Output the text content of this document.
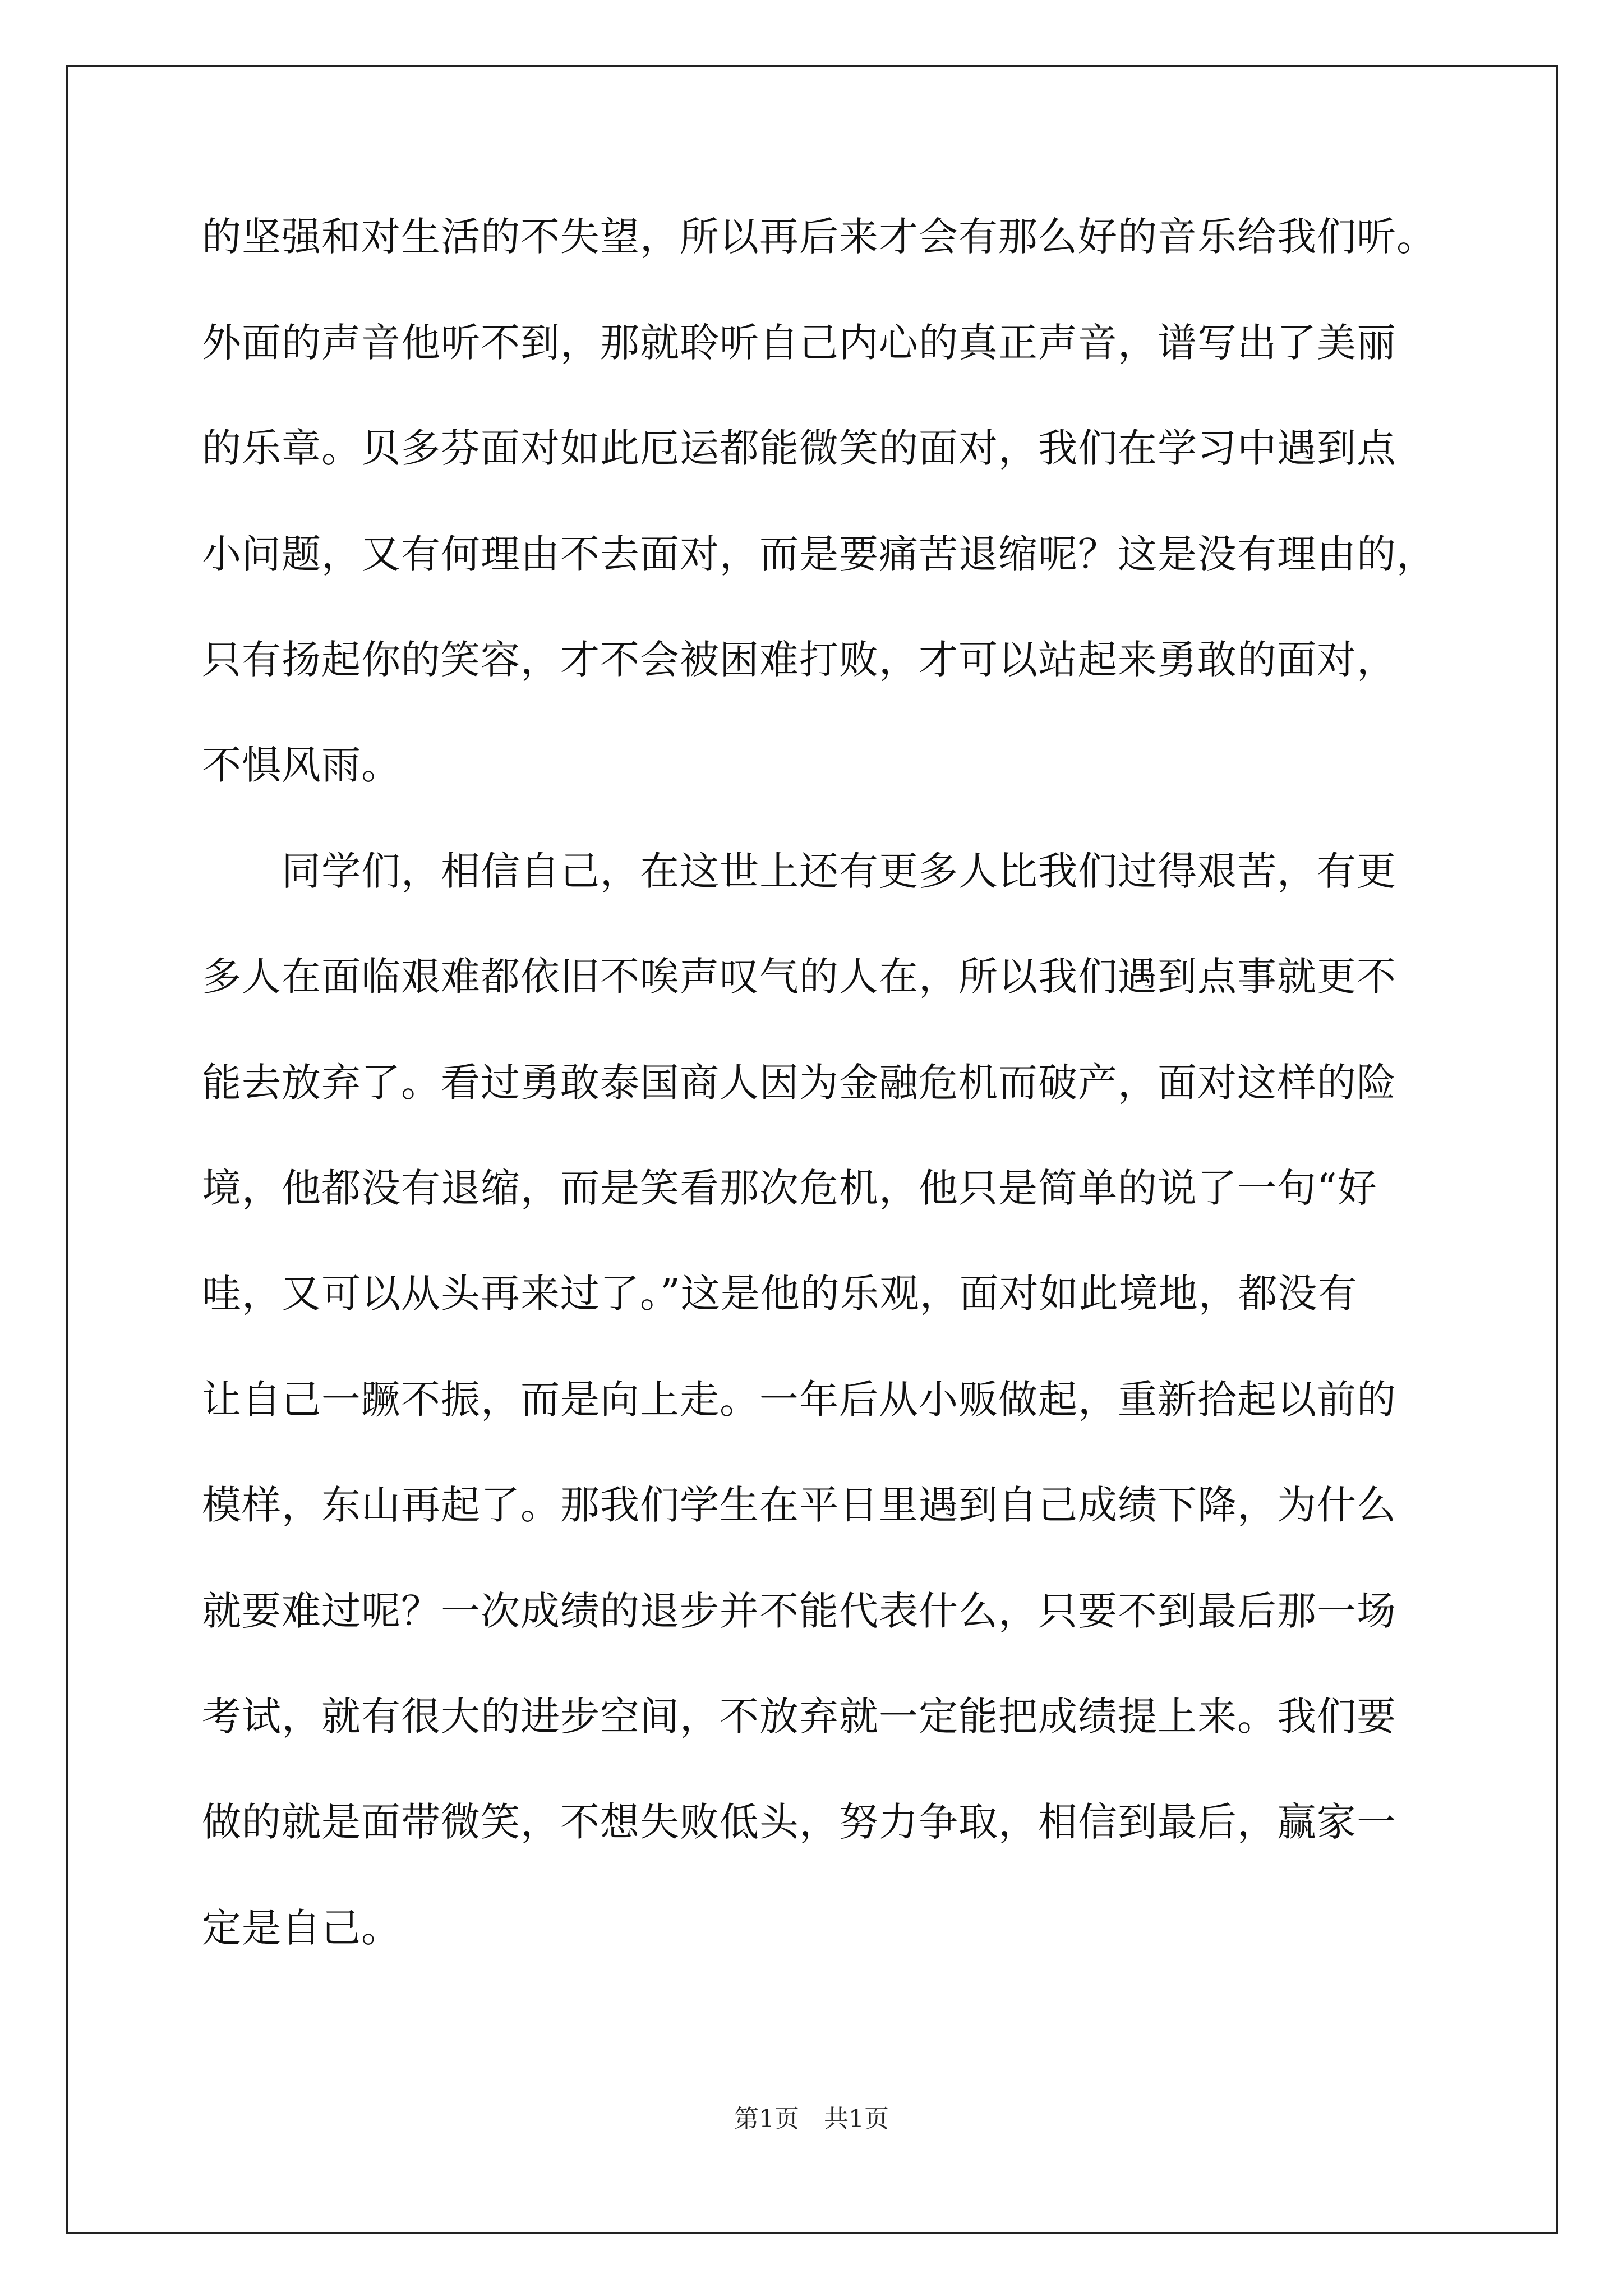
的坚强和对生活的不失望，所以再后来才会有那么好的音乐给我们听。
外面的声音他听不到，那就聆听自己内心的真正声音，谱写出了美丽
的乐章。贝多芬面对如此厄运都能微笑的面对，我们在学习中遇到点
小问题，又有何理由不去面对，而是要痛苦退缩呢？这是没有理由的，
只有扬起你的笑容，才不会被困难打败，才可以站起来勇敢的面对，
不惧风雨。
　　同学们，相信自己，在这世上还有更多人比我们过得艰苦，有更
多人在面临艰难都依旧不唉声叹气的人在，所以我们遇到点事就更不
能去放弃了。看过勇敢泰国商人因为金融危机而破产，面对这样的险
境，他都没有退缩，而是笑看那次危机，他只是简单的说了一句“好
哇，又可以从头再来过了。”这是他的乐观，面对如此境地，都没有
让自己一蹶不振，而是向上走。一年后从小贩做起，重新拾起以前的
模样，东山再起了。那我们学生在平日里遇到自己成绩下降，为什么
就要难过呢？一次成绩的退步并不能代表什么，只要不到最后那一场
考试，就有很大的进步空间，不放弃就一定能把成绩提上来。我们要
做的就是面带微笑，不想失败低头，努力争取，相信到最后，赢家一
定是自己。
第1页　共1页
